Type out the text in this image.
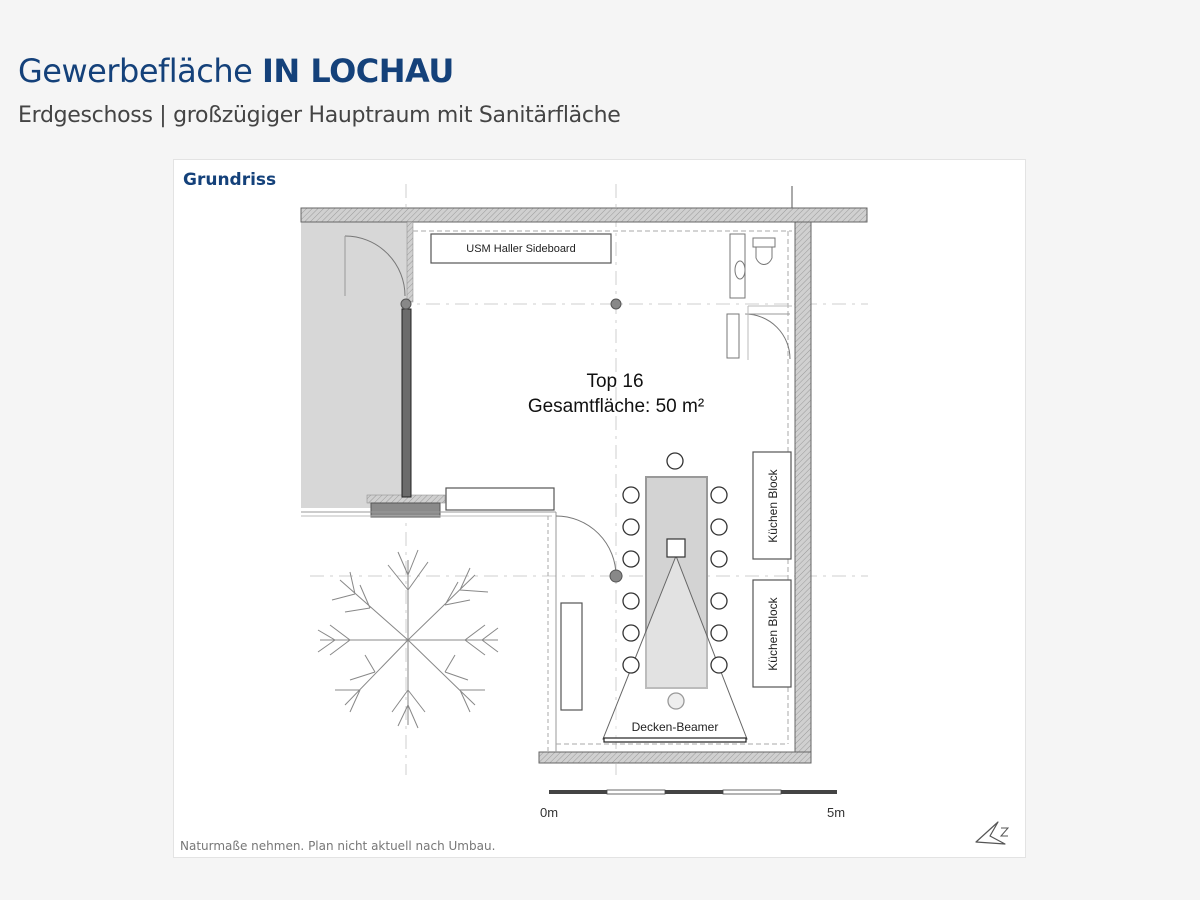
Gewerbefläche IN LOCHAU
Erdgeschoss | großzügiger Hauptraum mit Sanitärfläche
Grundriss
USM Haller Sideboard
Küchen Block
Küchen Block
Decken-Beamer
Top 16
Gesamtfläche: 50 m²
0m	5m
Naturmaße nehmen. Plan nicht aktuell nach Umbau.
